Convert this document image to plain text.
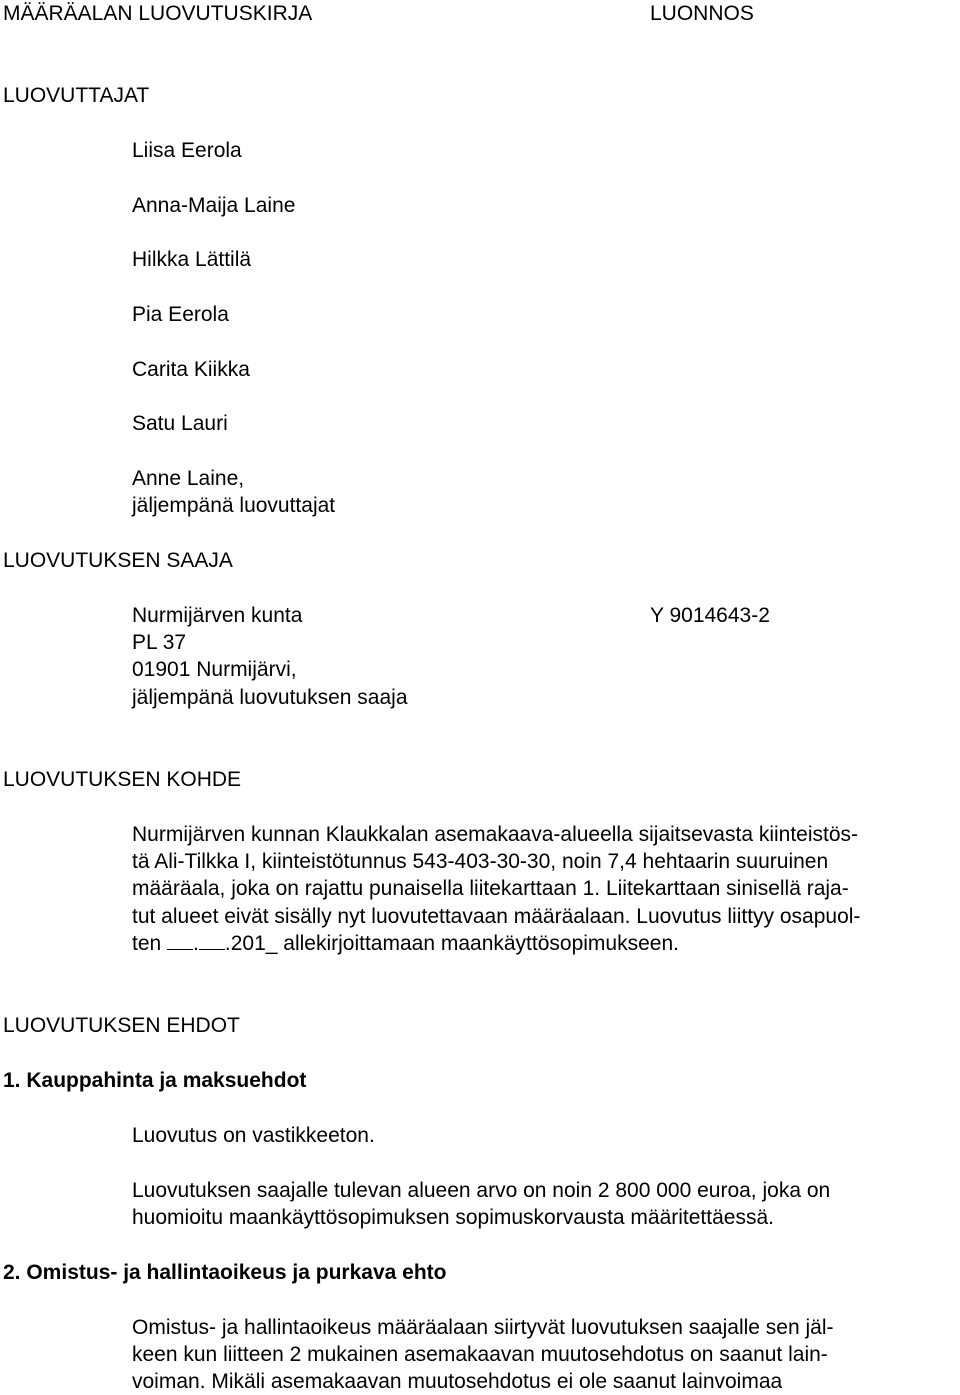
MÄÄRÄALAN LUOVUTUSKIRJA	LUONNOS
LUOVUTTAJAT
Liisa Eerola
Anna-Maija Laine
Hilkka Lättilä
Pia Eerola
Carita Kiikka
Satu Lauri
Anne Laine,
jäljempänä luovuttajat
LUOVUTUKSEN SAAJA
Nurmijärven kunta	Y 9014643-2
PL 37
01901 Nurmijärvi,
jäljempänä luovutuksen saaja
LUOVUTUKSEN KOHDE
Nurmijärven kunnan Klaukkalan asemakaava-alueella sijaitsevasta kiinteistös-
tä Ali-Tilkka I, kiinteistötunnus 543-403-30-30, noin 7,4 hehtaarin suuruinen
määräala, joka on rajattu punaisella liitekarttaan 1. Liitekarttaan sinisellä raja-
tut alueet eivät sisälly nyt luovutettavaan määräalaan. Luovutus liittyy osapuol-
ten . .201_ allekirjoittamaan maankäyttösopimukseen.
LUOVUTUKSEN EHDOT
1. Kauppahinta ja maksuehdot
Luovutus on vastikkeeton.
Luovutuksen saajalle tulevan alueen arvo on noin 2 800 000 euroa, joka on
huomioitu maankäyttösopimuksen sopimuskorvausta määritettäessä.
2. Omistus- ja hallintaoikeus ja purkava ehto
Omistus- ja hallintaoikeus määräalaan siirtyvät luovutuksen saajalle sen jäl-
keen kun liitteen 2 mukainen asemakaavan muutosehdotus on saanut lain-
voiman. Mikäli asemakaavan muutosehdotus ei ole saanut lainvoimaa
